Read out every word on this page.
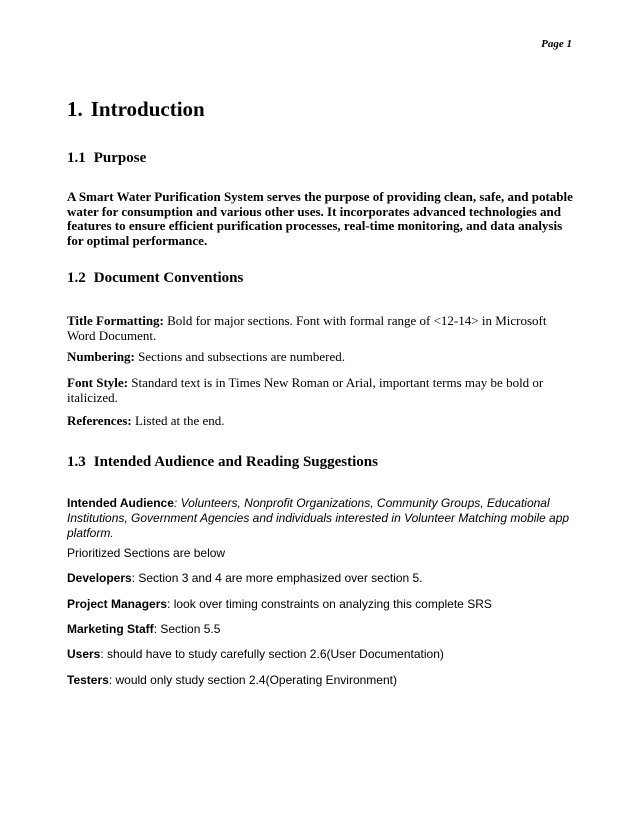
Page 1
1. Introduction
1.1 Purpose

A Smart Water Purification System serves the purpose of providing clean, safe, and potable water for consumption and various other uses. It incorporates advanced technologies and features to ensure efficient purification processes, real-time monitoring, and data analysis for optimal performance.

1.2 Document Conventions

Title Formatting: Bold for major sections. Font with formal range of <12-14> in Microsoft Word Document.

Numbering: Sections and subsections are numbered.

Font Style: Standard text is in Times New Roman or Arial, important terms may be bold or italicized.

References: Listed at the end.

1.3 Intended Audience and Reading Suggestions

Intended Audience: Volunteers, Nonprofit Organizations, Community Groups, Educational Institutions, Government Agencies and individuals interested in Volunteer Matching mobile app platform.

Prioritized Sections are below

Developers: Section 3 and 4 are more emphasized over section 5.

Project Managers: look over timing constraints on analyzing this complete SRS

Marketing Staff: Section 5.5

Users: should have to study carefully section 2.6(User Documentation)

Testers: would only study section 2.4(Operating Environment)
